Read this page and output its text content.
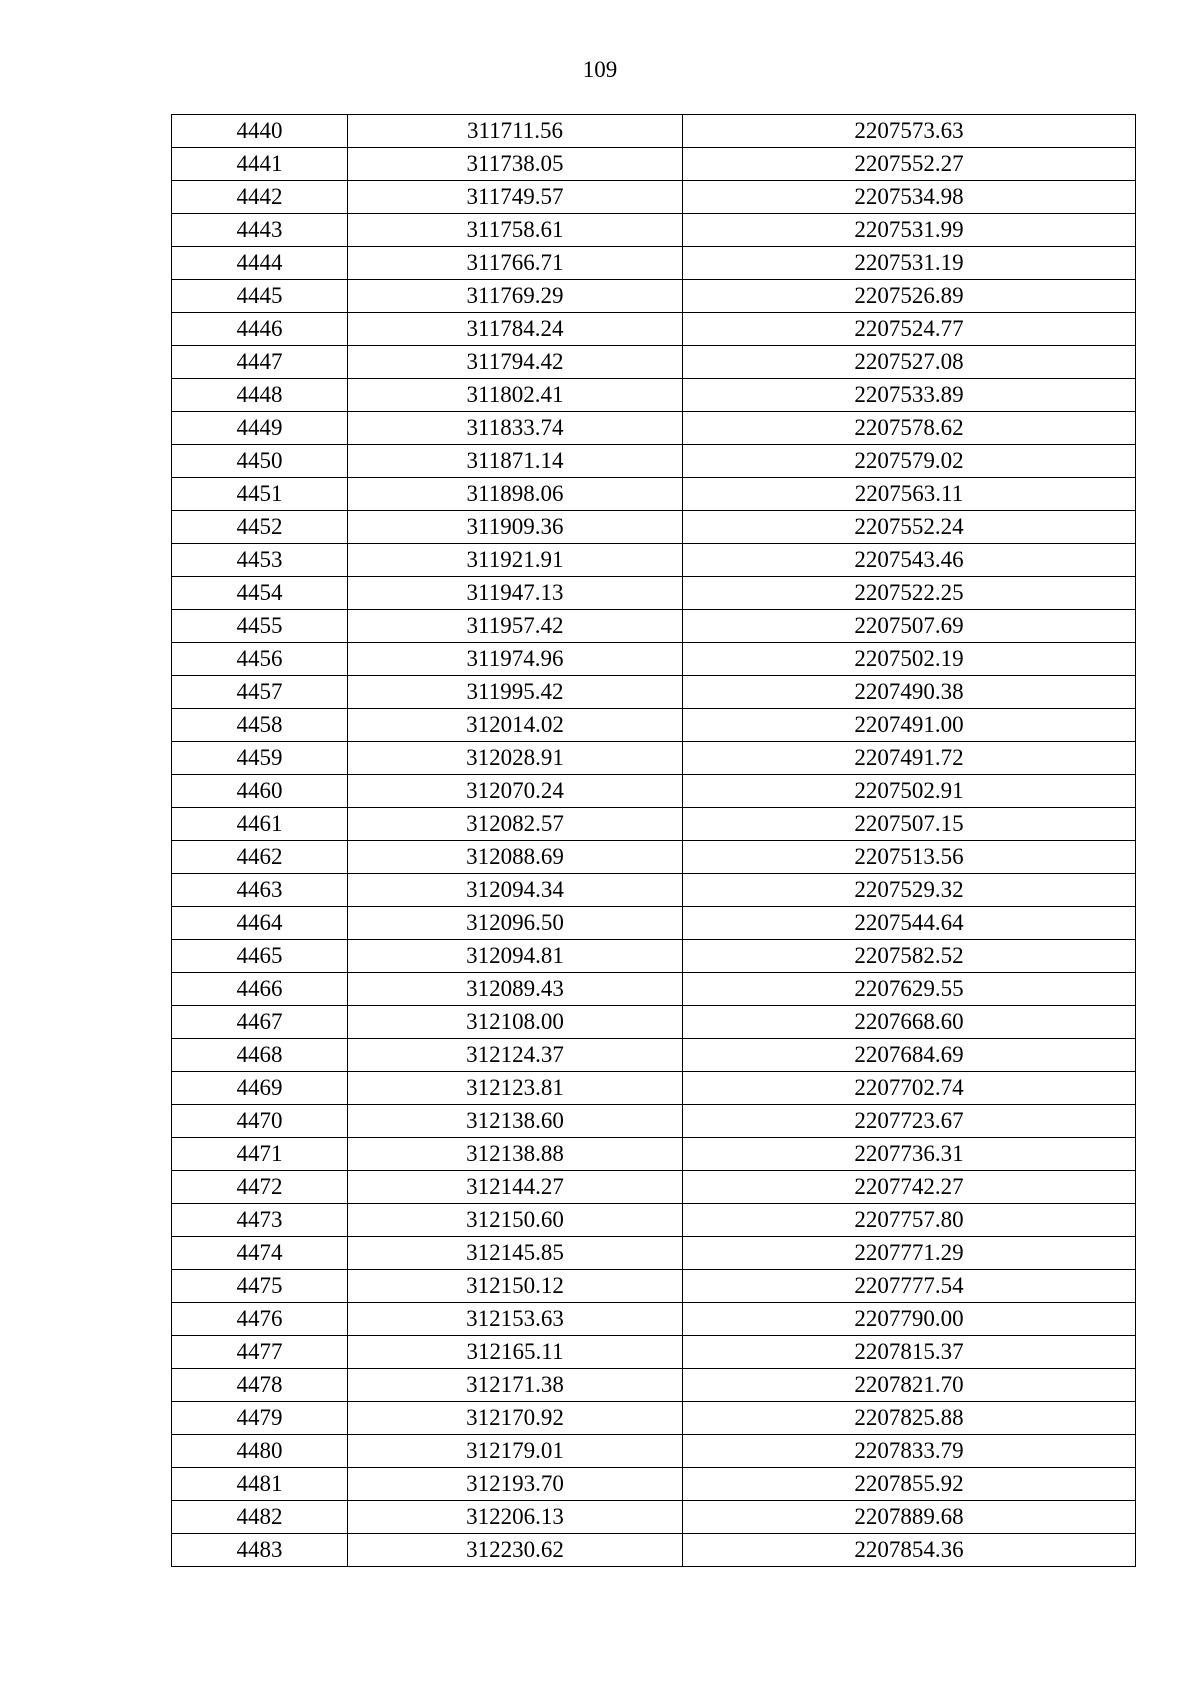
109
4440	311711.56	2207573.63
4441	311738.05	2207552.27
4442	311749.57	2207534.98
4443	311758.61	2207531.99
4444	311766.71	2207531.19
4445	311769.29	2207526.89
4446	311784.24	2207524.77
4447	311794.42	2207527.08
4448	311802.41	2207533.89
4449	311833.74	2207578.62
4450	311871.14	2207579.02
4451	311898.06	2207563.11
4452	311909.36	2207552.24
4453	311921.91	2207543.46
4454	311947.13	2207522.25
4455	311957.42	2207507.69
4456	311974.96	2207502.19
4457	311995.42	2207490.38
4458	312014.02	2207491.00
4459	312028.91	2207491.72
4460	312070.24	2207502.91
4461	312082.57	2207507.15
4462	312088.69	2207513.56
4463	312094.34	2207529.32
4464	312096.50	2207544.64
4465	312094.81	2207582.52
4466	312089.43	2207629.55
4467	312108.00	2207668.60
4468	312124.37	2207684.69
4469	312123.81	2207702.74
4470	312138.60	2207723.67
4471	312138.88	2207736.31
4472	312144.27	2207742.27
4473	312150.60	2207757.80
4474	312145.85	2207771.29
4475	312150.12	2207777.54
4476	312153.63	2207790.00
4477	312165.11	2207815.37
4478	312171.38	2207821.70
4479	312170.92	2207825.88
4480	312179.01	2207833.79
4481	312193.70	2207855.92
4482	312206.13	2207889.68
4483	312230.62	2207854.36
